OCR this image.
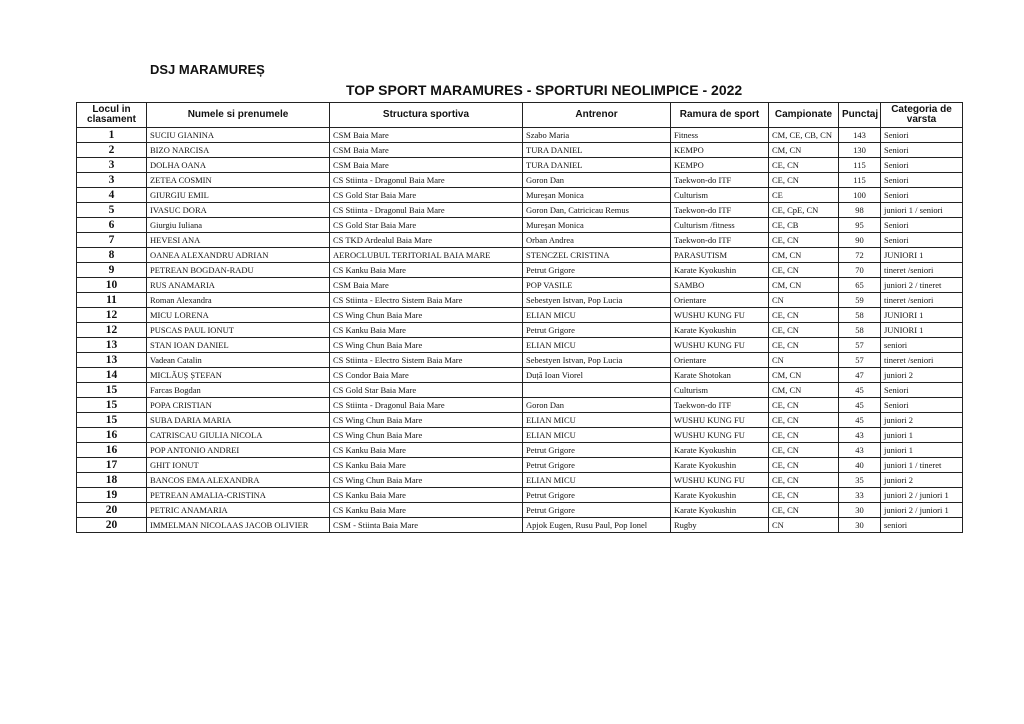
DSJ MARAMUREȘ
TOP SPORT MARAMURES - SPORTURI NEOLIMPICE - 2022
Locul in clasament	Numele si prenumele	Structura sportiva	Antrenor	Ramura de sport	Campionate	Punctaj	Categoria de varsta
1	SUCIU GIANINA	CSM Baia Mare	Szabo Maria	Fitness	CM, CE, CB, CN	143	Seniori
2	BIZO NARCISA	CSM Baia Mare	TURA DANIEL	KEMPO	CM, CN	130	Seniori
3	DOLHA OANA	CSM Baia Mare	TURA DANIEL	KEMPO	CE, CN	115	Seniori
3	ZETEA COSMIN	CS Stiinta - Dragonul Baia Mare	Goron Dan	Taekwon-do ITF	CE, CN	115	Seniori
4	GIURGIU EMIL	CS Gold Star Baia Mare	Mureșan Monica	Culturism	CE	100	Seniori
5	IVASUC DORA	CS Stiinta - Dragonul Baia Mare	Goron Dan, Catricicau Remus	Taekwon-do ITF	CE, CpE, CN	98	juniori 1 / seniori
6	Giurgiu Iuliana	CS Gold Star Baia Mare	Mureșan Monica	Culturism /fitness	CE, CB	95	Seniori
7	HEVESI ANA	CS TKD Ardealul Baia Mare	Orban Andrea	Taekwon-do ITF	CE, CN	90	Seniori
8	OANEA ALEXANDRU ADRIAN	AEROCLUBUL TERITORIAL BAIA MARE	STENCZEL CRISTINA	PARASUTISM	CM, CN	72	JUNIORI 1
9	PETREAN BOGDAN-RADU	CS Kanku Baia Mare	Petrut Grigore	Karate Kyokushin	CE, CN	70	tineret /seniori
10	RUS ANAMARIA	CSM Baia Mare	POP VASILE	SAMBO	CM, CN	65	juniori 2 / tineret
11	Roman Alexandra	CS Stiinta - Electro Sistem Baia Mare	Sebestyen Istvan, Pop Lucia	Orientare	CN	59	tineret /seniori
12	MICU LORENA	CS Wing Chun Baia Mare	ELIAN MICU	WUSHU KUNG FU	CE, CN	58	JUNIORI 1
12	PUSCAS PAUL IONUT	CS Kanku Baia Mare	Petrut Grigore	Karate Kyokushin	CE, CN	58	JUNIORI 1
13	STAN IOAN DANIEL	CS Wing Chun Baia Mare	ELIAN MICU	WUSHU KUNG FU	CE, CN	57	seniori
13	Vadean Catalin	CS Stiinta - Electro Sistem Baia Mare	Sebestyen Istvan, Pop Lucia	Orientare	CN	57	tineret /seniori
14	MICLĂUȘ ȘTEFAN	CS Condor Baia Mare	Duță Ioan Viorel	Karate Shotokan	CM, CN	47	juniori 2
15	Farcas Bogdan	CS Gold Star Baia Mare		Culturism	CM, CN	45	Seniori
15	POPA CRISTIAN	CS Stiinta - Dragonul Baia Mare	Goron Dan	Taekwon-do ITF	CE, CN	45	Seniori
15	SUBA DARIA MARIA	CS Wing Chun Baia Mare	ELIAN MICU	WUSHU KUNG FU	CE, CN	45	juniori 2
16	CATRISCAU GIULIA NICOLA	CS Wing Chun Baia Mare	ELIAN MICU	WUSHU KUNG FU	CE, CN	43	juniori 1
16	POP ANTONIO ANDREI	CS Kanku Baia Mare	Petrut Grigore	Karate Kyokushin	CE, CN	43	juniori 1
17	GHIT IONUT	CS Kanku Baia Mare	Petrut Grigore	Karate Kyokushin	CE, CN	40	juniori 1 / tineret
18	BANCOS EMA ALEXANDRA	CS Wing Chun Baia Mare	ELIAN MICU	WUSHU KUNG FU	CE, CN	35	juniori 2
19	PETREAN AMALIA-CRISTINA	CS Kanku Baia Mare	Petrut Grigore	Karate Kyokushin	CE, CN	33	juniori 2 / juniori 1
20	PETRIC ANAMARIA	CS Kanku Baia Mare	Petrut Grigore	Karate Kyokushin	CE, CN	30	juniori 2 / juniori 1
20	IMMELMAN NICOLAAS JACOB OLIVIER	CSM - Stiinta Baia Mare	Apjok Eugen, Rusu Paul, Pop Ionel	Rugby	CN	30	seniori
